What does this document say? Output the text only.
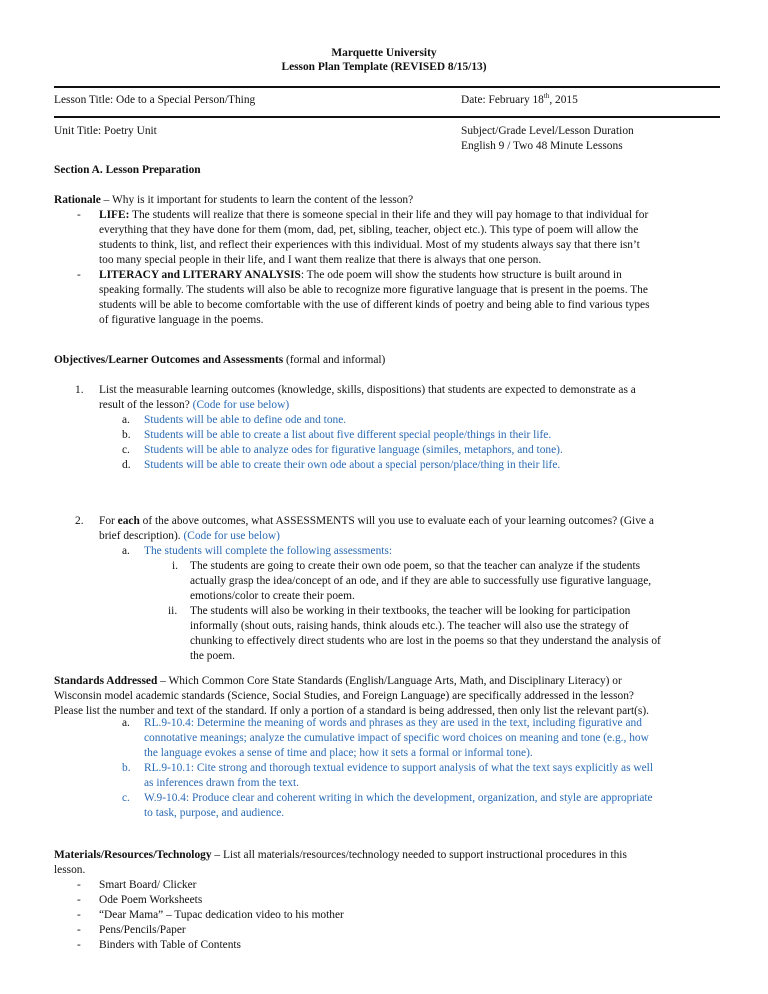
Marquette University
Lesson Plan Template (REVISED 8/15/13)
Lesson Title: Ode to a Special Person/Thing	Date: February 18th, 2015
Unit Title: Poetry Unit	Subject/Grade Level/Lesson Duration
English 9 / Two 48 Minute Lessons
Section A. Lesson Preparation
Rationale – Why is it important for students to learn the content of the lesson?
- LIFE: The students will realize that there is someone special in their life and they will pay homage to that individual for
everything that they have done for them (mom, dad, pet, sibling, teacher, object etc.). This type of poem will allow the
students to think, list, and reflect their experiences with this individual. Most of my students always say that there isn’t
too many special people in their life, and I want them realize that there is always that one person.
- LITERACY and LITERARY ANALYSIS: The ode poem will show the students how structure is built around in
speaking formally. The students will also be able to recognize more figurative language that is present in the poems. The
students will be able to become comfortable with the use of different kinds of poetry and being able to find various types
of figurative language in the poems.
Objectives/Learner Outcomes and Assessments (formal and informal)
1. List the measurable learning outcomes (knowledge, skills, dispositions) that students are expected to demonstrate as a
result of the lesson? (Code for use below)
a. Students will be able to define ode and tone.
b. Students will be able to create a list about five different special people/things in their life.
c. Students will be able to analyze odes for figurative language (similes, metaphors, and tone).
d. Students will be able to create their own ode about a special person/place/thing in their life.
2. For each of the above outcomes, what ASSESSMENTS will you use to evaluate each of your learning outcomes? (Give a
brief description). (Code for use below)
a. The students will complete the following assessments:
i. The students are going to create their own ode poem, so that the teacher can analyze if the students
actually grasp the idea/concept of an ode, and if they are able to successfully use figurative language,
emotions/color to create their poem.
ii. The students will also be working in their textbooks, the teacher will be looking for participation
informally (shout outs, raising hands, think alouds etc.). The teacher will also use the strategy of
chunking to effectively direct students who are lost in the poems so that they understand the analysis of
the poem.
Standards Addressed – Which Common Core State Standards (English/Language Arts, Math, and Disciplinary Literacy) or
Wisconsin model academic standards (Science, Social Studies, and Foreign Language) are specifically addressed in the lesson?
Please list the number and text of the standard. If only a portion of a standard is being addressed, then only list the relevant part(s).
a. RL.9-10.4: Determine the meaning of words and phrases as they are used in the text, including figurative and
connotative meanings; analyze the cumulative impact of specific word choices on meaning and tone (e.g., how
the language evokes a sense of time and place; how it sets a formal or informal tone).
b. RL.9-10.1: Cite strong and thorough textual evidence to support analysis of what the text says explicitly as well
as inferences drawn from the text.
c. W.9-10.4: Produce clear and coherent writing in which the development, organization, and style are appropriate
to task, purpose, and audience.
Materials/Resources/Technology – List all materials/resources/technology needed to support instructional procedures in this
lesson.
- Smart Board/ Clicker
- Ode Poem Worksheets
- “Dear Mama” – Tupac dedication video to his mother
- Pens/Pencils/Paper
- Binders with Table of Contents
